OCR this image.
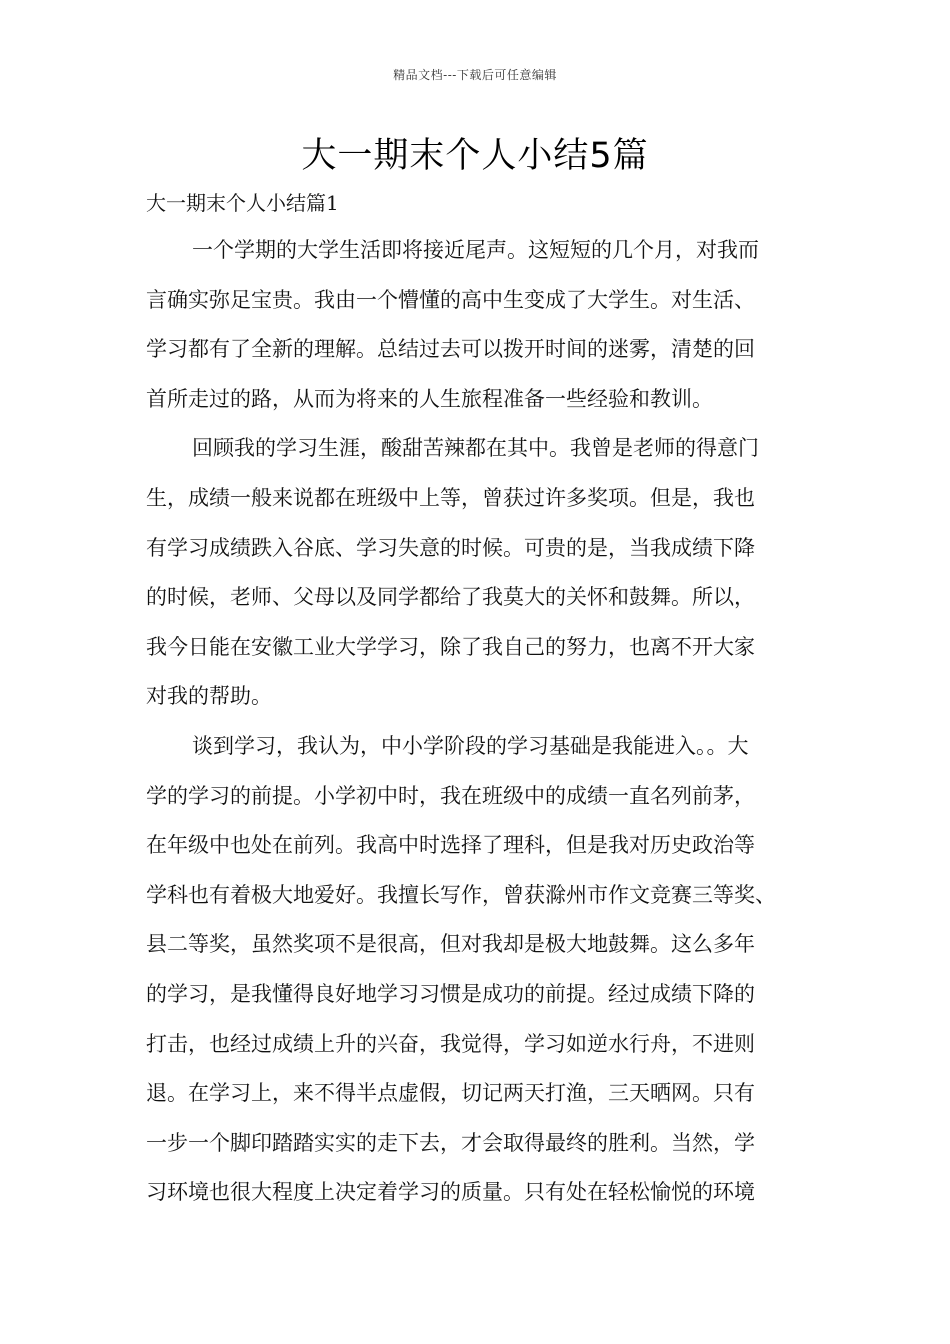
精品文档---下载后可任意编辑
大一期末个人小结5篇
大一期末个人小结篇1
一个学期的大学生活即将接近尾声。这短短的几个月，对我而
言确实弥足宝贵。我由一个懵懂的高中生变成了大学生。对生活、
学习都有了全新的理解。总结过去可以拨开时间的迷雾，清楚的回
首所走过的路，从而为将来的人生旅程准备一些经验和教训。
回顾我的学习生涯，酸甜苦辣都在其中。我曾是老师的得意门
生，成绩一般来说都在班级中上等，曾获过许多奖项。但是，我也
有学习成绩跌入谷底、学习失意的时候。可贵的是，当我成绩下降
的时候，老师、父母以及同学都给了我莫大的关怀和鼓舞。所以，
我今日能在安徽工业大学学习，除了我自己的努力，也离不开大家
对我的帮助。
谈到学习，我认为，中小学阶段的学习基础是我能进入。。大
学的学习的前提。小学初中时，我在班级中的成绩一直名列前茅，
在年级中也处在前列。我高中时选择了理科，但是我对历史政治等
学科也有着极大地爱好。我擅长写作，曾获滁州市作文竞赛三等奖、
县二等奖，虽然奖项不是很高，但对我却是极大地鼓舞。这么多年
的学习，是我懂得良好地学习习惯是成功的前提。经过成绩下降的
打击，也经过成绩上升的兴奋，我觉得，学习如逆水行舟，不进则
退。在学习上，来不得半点虚假，切记两天打渔，三天晒网。只有
一步一个脚印踏踏实实的走下去，才会取得最终的胜利。当然，学
习环境也很大程度上决定着学习的质量。只有处在轻松愉悦的环境
